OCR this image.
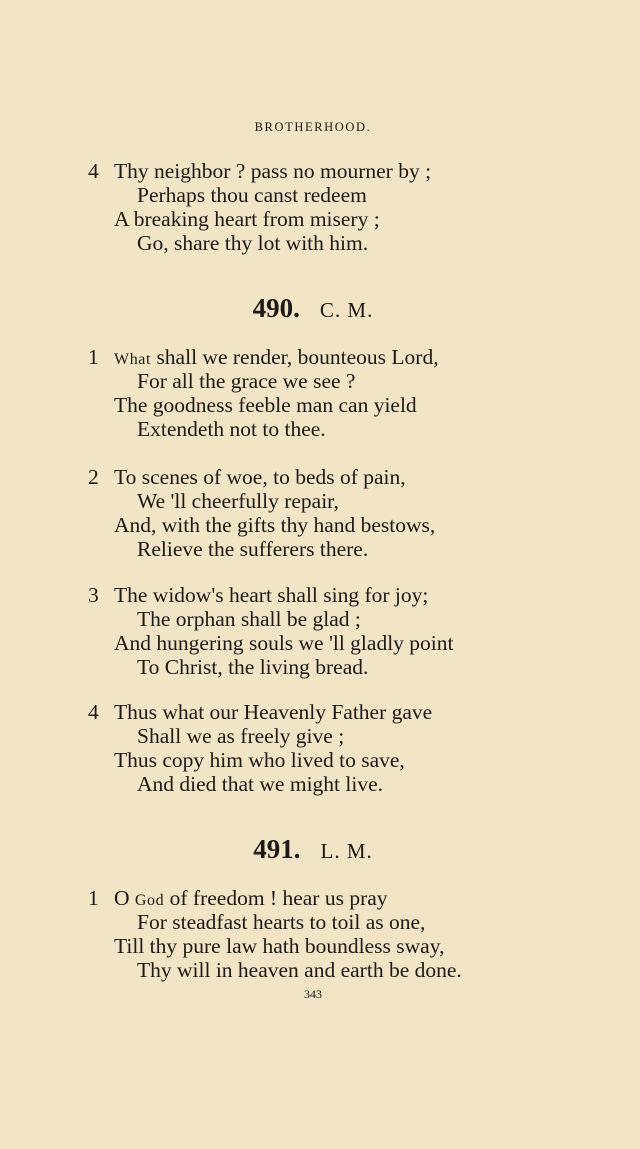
BROTHERHOOD.
4 Thy neighbor ? pass no mourner by ;
Perhaps thou canst redeem
A breaking heart from misery ;
Go, share thy lot with him.
490. C. M.
1 What shall we render, bounteous Lord,
For all the grace we see ?
The goodness feeble man can yield
Extendeth not to thee.
2 To scenes of woe, to beds of pain,
We 'll cheerfully repair,
And, with the gifts thy hand bestows,
Relieve the sufferers there.
3 The widow's heart shall sing for joy;
The orphan shall be glad ;
And hungering souls we 'll gladly point
To Christ, the living bread.
4 Thus what our Heavenly Father gave
Shall we as freely give ;
Thus copy him who lived to save,
And died that we might live.
491. L. M.
1 O God of freedom ! hear us pray
For steadfast hearts to toil as one,
Till thy pure law hath boundless sway,
Thy will in heaven and earth be done.
343
